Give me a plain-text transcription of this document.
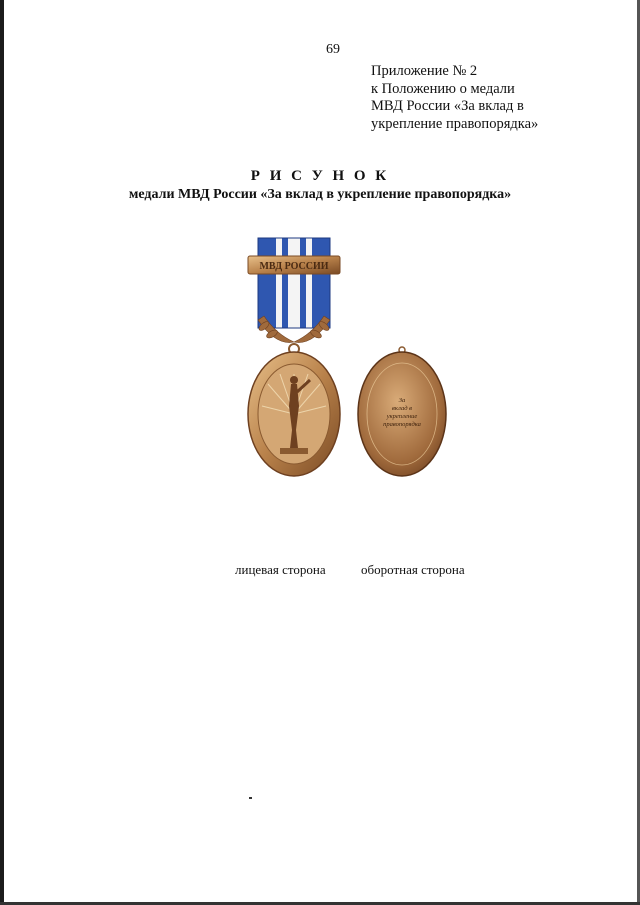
69
Приложение № 2
к Положению о медали
МВД России «За вклад в
укрепление правопорядка»
Р И С У Н О К
медали МВД России «За вклад в укрепление правопорядка»
МВД РОССИИ
За
вклад в
укрепление
правопорядка
лицевая сторона	оборотная сторона
